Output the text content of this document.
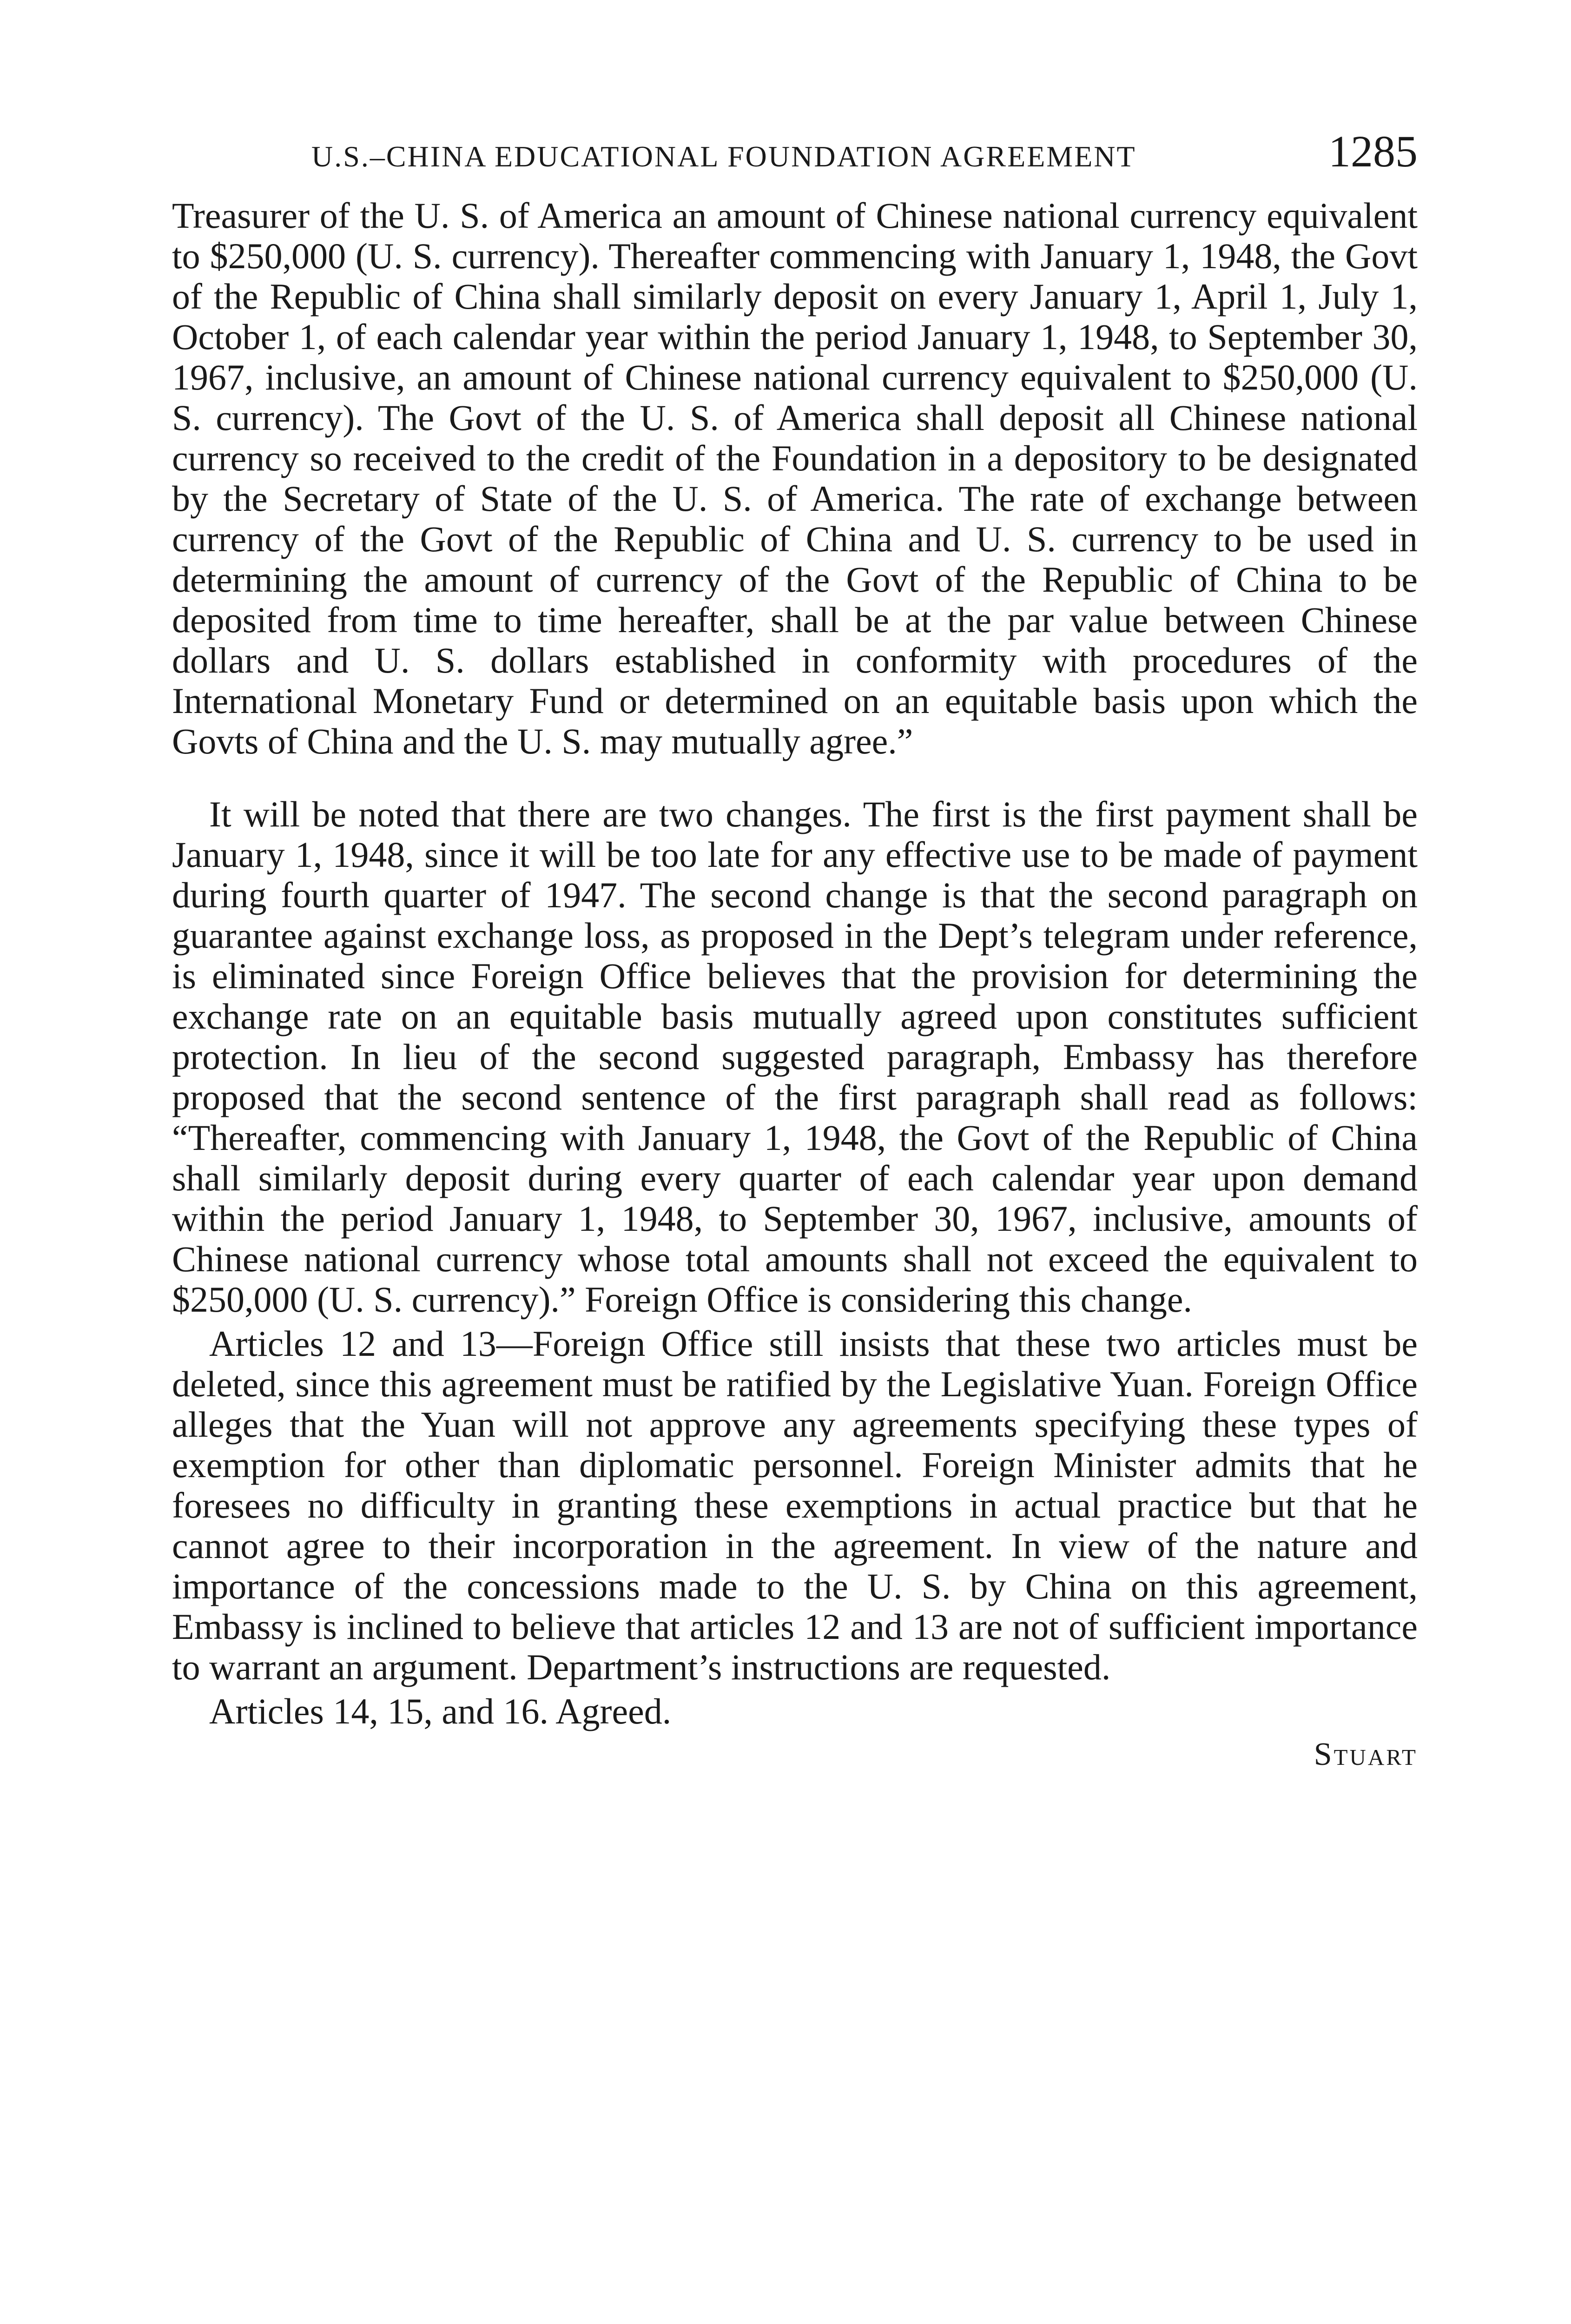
U.S.–CHINA EDUCATIONAL FOUNDATION AGREEMENT	1285

Treasurer of the U. S. of America an amount of Chinese national currency equivalent to $250,000 (U. S. currency). Thereafter commencing with January 1, 1948, the Govt of the Republic of China shall similarly deposit on every January 1, April 1, July 1, October 1, of each calendar year within the period January 1, 1948, to September 30, 1967, inclusive, an amount of Chinese national currency equivalent to $250,000 (U. S. currency). The Govt of the U. S. of America shall deposit all Chinese national currency so received to the credit of the Foundation in a depository to be designated by the Secretary of State of the U. S. of America. The rate of exchange between currency of the Govt of the Republic of China and U. S. currency to be used in determining the amount of currency of the Govt of the Republic of China to be deposited from time to time hereafter, shall be at the par value between Chinese dollars and U. S. dollars established in conformity with procedures of the International Monetary Fund or determined on an equitable basis upon which the Govts of China and the U. S. may mutually agree.”

It will be noted that there are two changes. The first is the first payment shall be January 1, 1948, since it will be too late for any effective use to be made of payment during fourth quarter of 1947. The second change is that the second paragraph on guarantee against exchange loss, as proposed in the Dept’s telegram under reference, is eliminated since Foreign Office believes that the provision for determining the exchange rate on an equitable basis mutually agreed upon constitutes sufficient protection. In lieu of the second suggested paragraph, Embassy has therefore proposed that the second sentence of the first paragraph shall read as follows: “Thereafter, commencing with January 1, 1948, the Govt of the Republic of China shall similarly deposit during every quarter of each calendar year upon demand within the period January 1, 1948, to September 30, 1967, inclusive, amounts of Chinese national currency whose total amounts shall not exceed the equivalent to $250,000 (U. S. currency).” Foreign Office is considering this change.

Articles 12 and 13—Foreign Office still insists that these two articles must be deleted, since this agreement must be ratified by the Legislative Yuan. Foreign Office alleges that the Yuan will not approve any agreements specifying these types of exemption for other than diplomatic personnel. Foreign Minister admits that he foresees no difficulty in granting these exemptions in actual practice but that he cannot agree to their incorporation in the agreement. In view of the nature and importance of the concessions made to the U. S. by China on this agreement, Embassy is inclined to believe that articles 12 and 13 are not of sufficient importance to warrant an argument. Department’s instructions are requested.

Articles 14, 15, and 16. Agreed.

Stuart
